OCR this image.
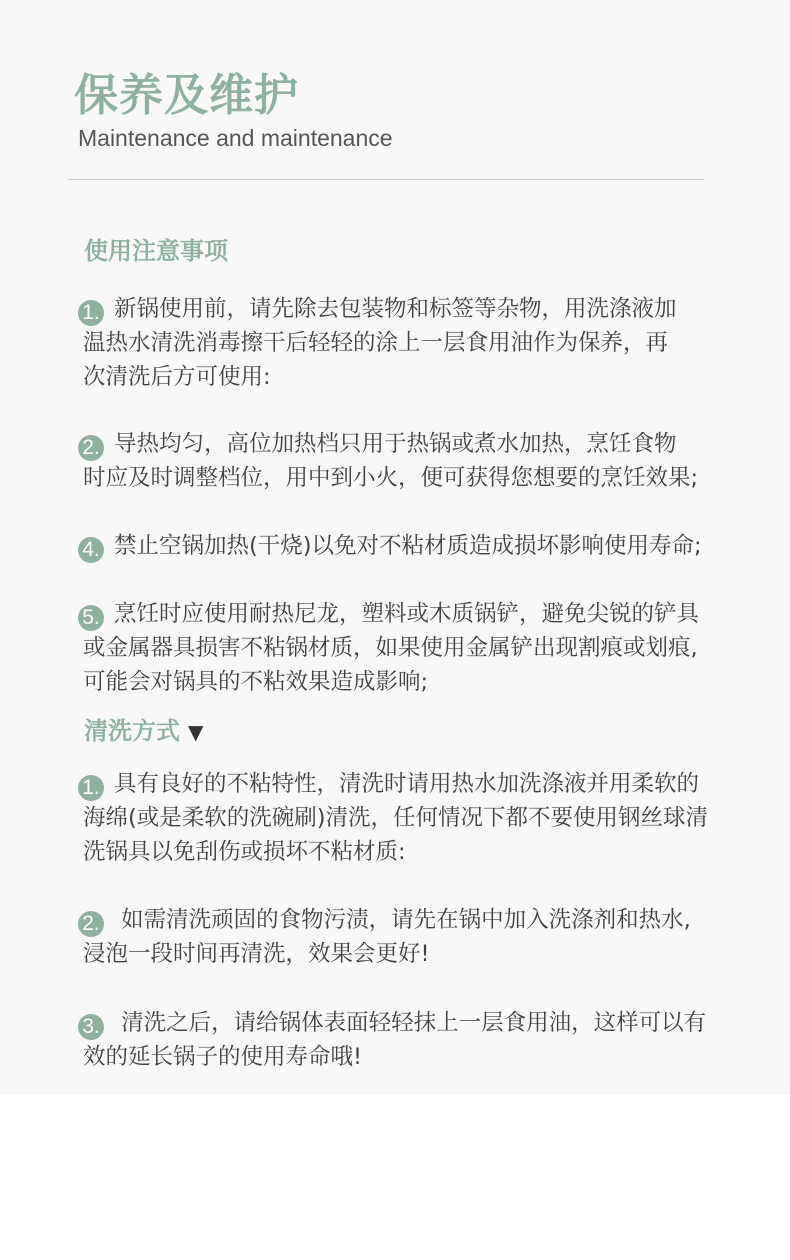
保养及维护
Maintenance and maintenance
使用注意事项
1. 新锅使用前，请先除去包装物和标签等杂物，用洗涤液加
温热水清洗消毒擦干后轻轻的涂上一层食用油作为保养，再
次清洗后方可使用:
2. 导热均匀，高位加热档只用于热锅或煮水加热，烹饪食物
时应及时调整档位，用中到小火，便可获得您想要的烹饪效果;
4. 禁止空锅加热(干烧)以免对不粘材质造成损坏影响使用寿命;
5. 烹饪时应使用耐热尼龙，塑料或木质锅铲，避免尖锐的铲具
或金属器具损害不粘锅材质，如果使用金属铲出现割痕或划痕,
可能会对锅具的不粘效果造成影响;
清洗方式 ▼
1. 具有良好的不粘特性，清洗时请用热水加洗涤液并用柔软的
海绵(或是柔软的洗碗刷)清洗，任何情况下都不要使用钢丝球清
洗锅具以免刮伤或损坏不粘材质:
2. 如需清洗顽固的食物污渍，请先在锅中加入洗涤剂和热水,
浸泡一段时间再清洗，效果会更好!
3. 清洗之后，请给锅体表面轻轻抹上一层食用油，这样可以有
效的延长锅子的使用寿命哦!
